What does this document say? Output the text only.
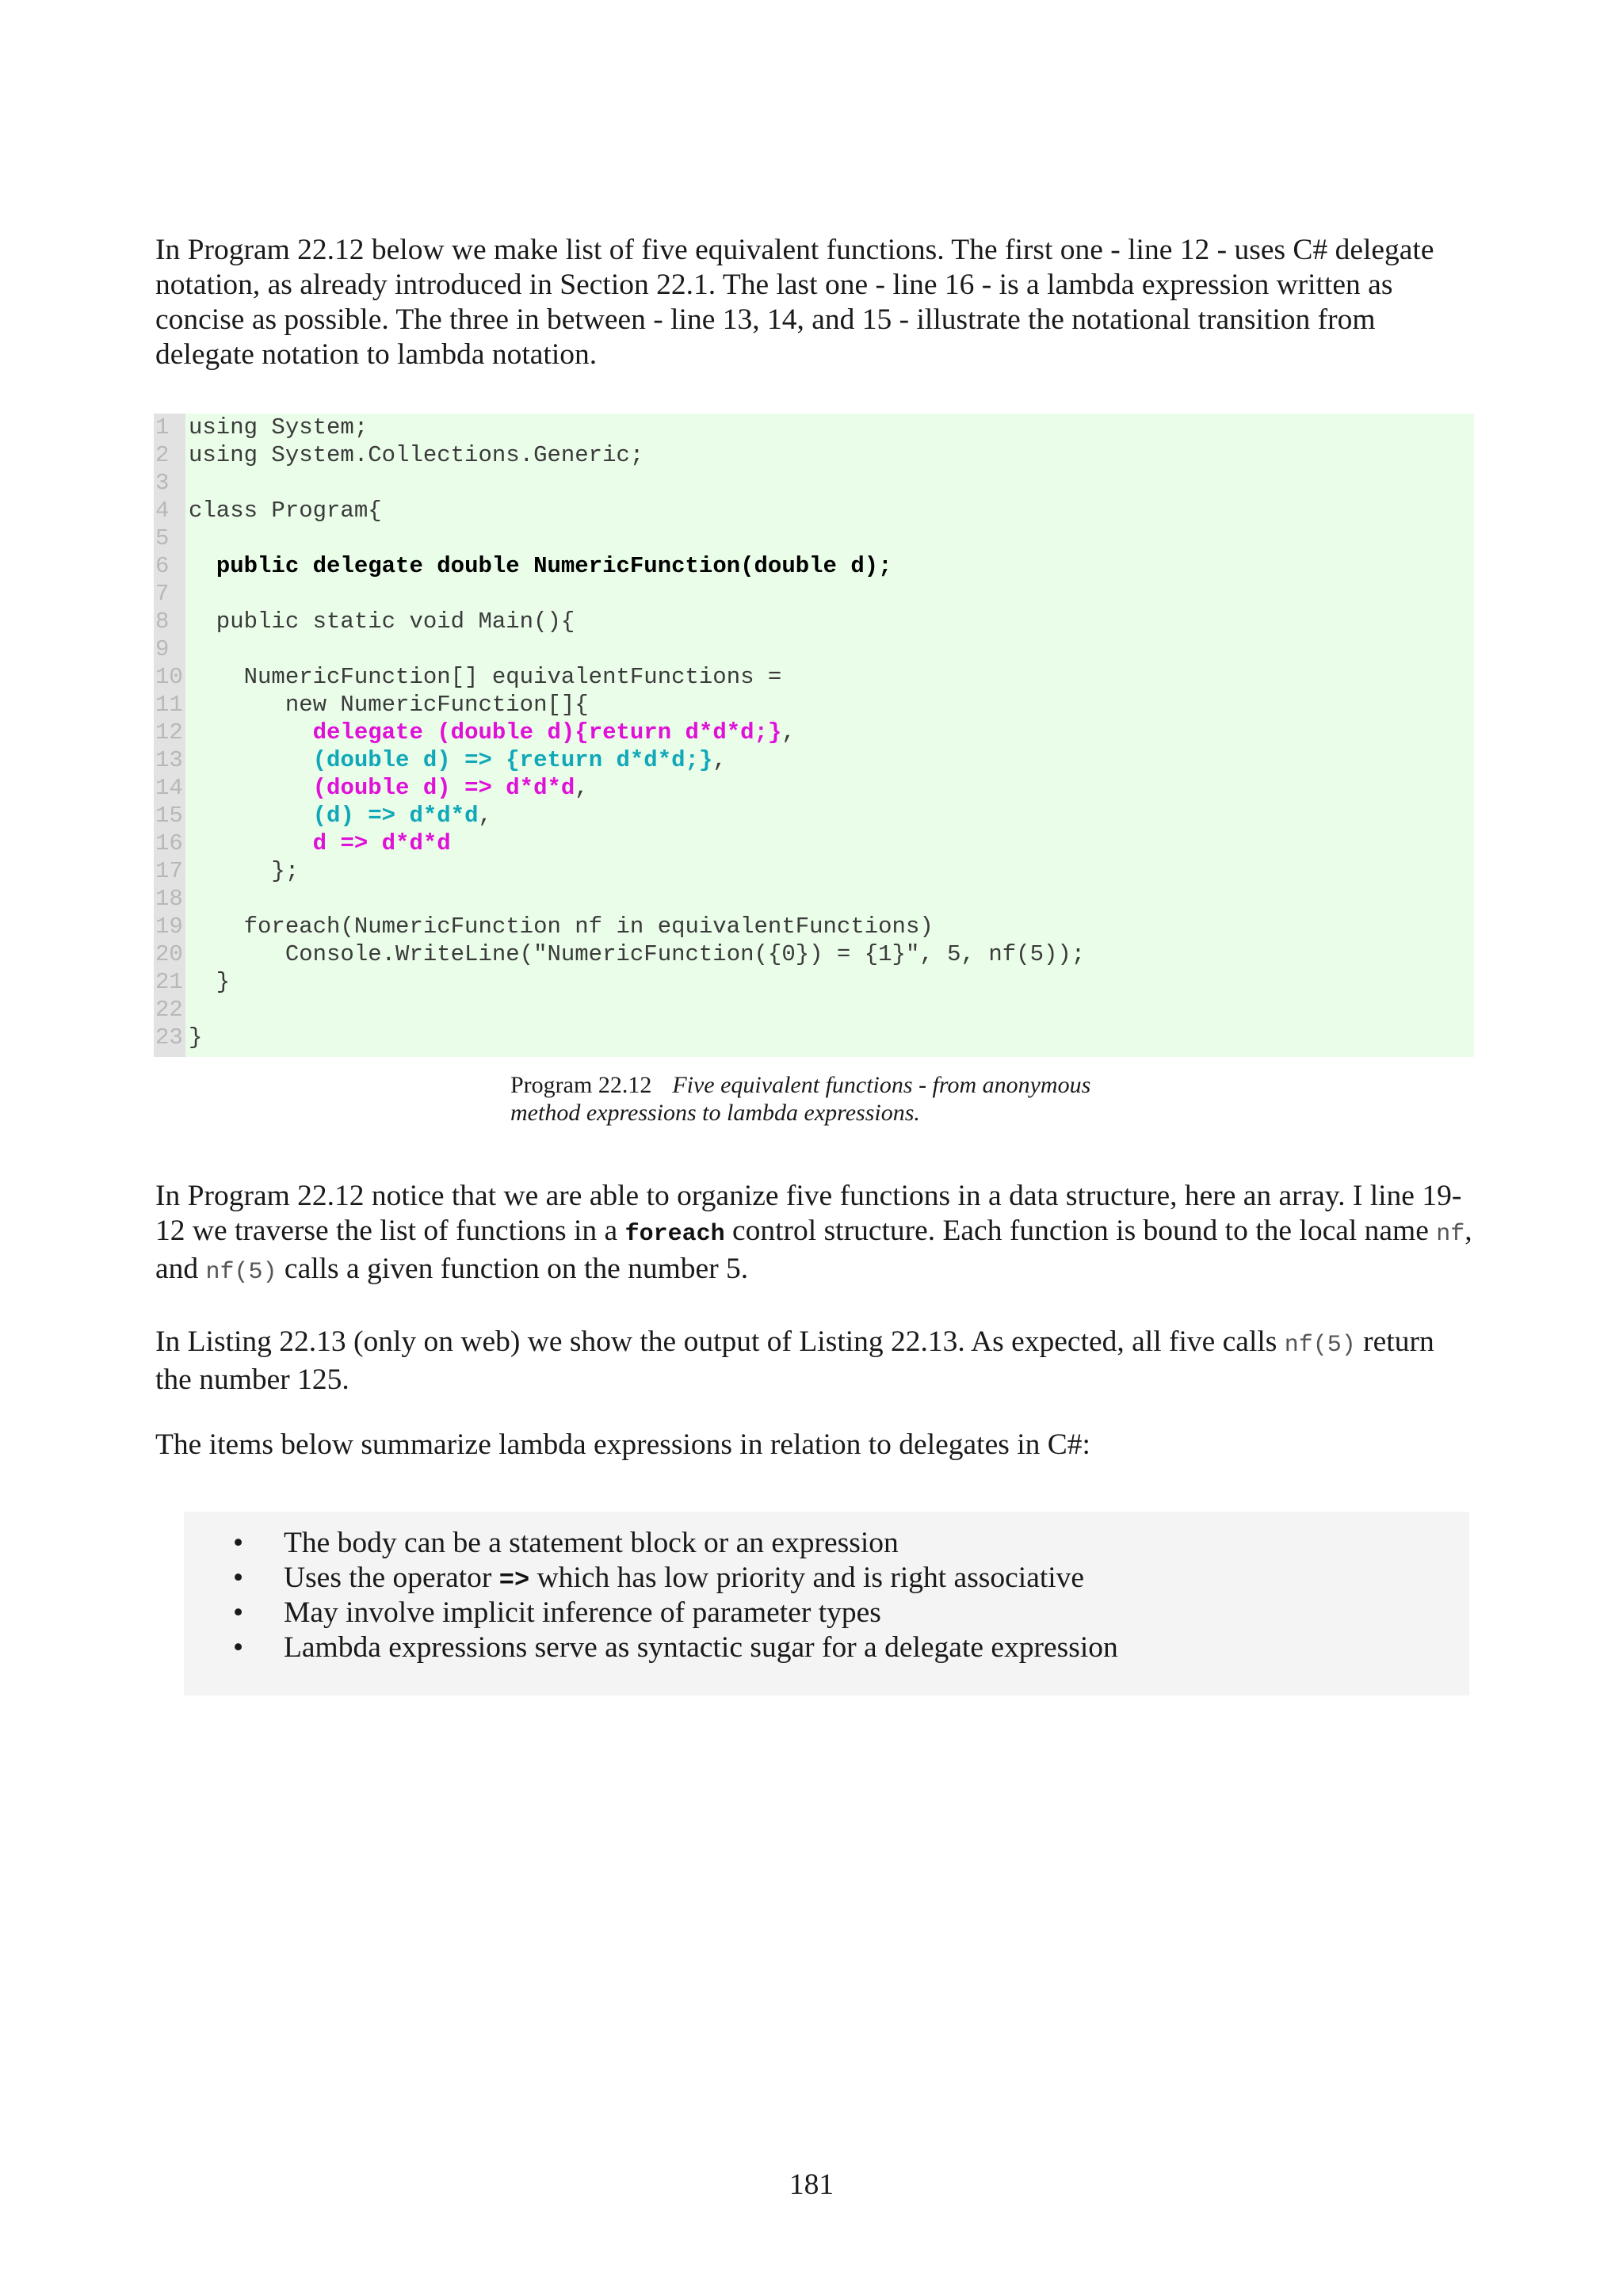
In Program 22.12 below we make list of five equivalent functions. The first one - line 12 - uses C# delegate notation, as already introduced in Section 22.1. The last one - line 16 - is a lambda expression written as concise as possible. The three in between - line 13, 14, and 15 - illustrate the notational transition from delegate notation to lambda notation.

1 using System;
2 using System.Collections.Generic;
3
4 class Program{
5
6 public delegate double NumericFunction(double d);
7
8  public static void Main(){
9
10    NumericFunction[] equivalentFunctions =
11       new NumericFunction[]{
12	delegate (double d){return d*d*d;},
13	(double d) => {return d*d*d;},
14	(double d) => d*d*d,
15	(d) => d*d*d,
16	d => d*d*d
17      };
18
19    foreach(NumericFunction nf in equivalentFunctions)
20       Console.WriteLine("NumericFunction({0}) = {1}", 5, nf(5));
21  }
22
23 }
Program 22.12 Five equivalent functions - from anonymous
method expressions to lambda expressions.

In Program 22.12 notice that we are able to organize five functions in a data structure, here an array. I line 19-12 we traverse the list of functions in a foreach control structure. Each function is bound to the local name nf, and nf(5) calls a given function on the number 5.

In Listing 22.13 (only on web) we show the output of Listing 22.13. As expected, all five calls nf(5) return the number 125.

The items below summarize lambda expressions in relation to delegates in C#:

• The body can be a statement block or an expression
• Uses the operator => which has low priority and is right associative
• May involve implicit inference of parameter types
• Lambda expressions serve as syntactic sugar for a delegate expression
181
